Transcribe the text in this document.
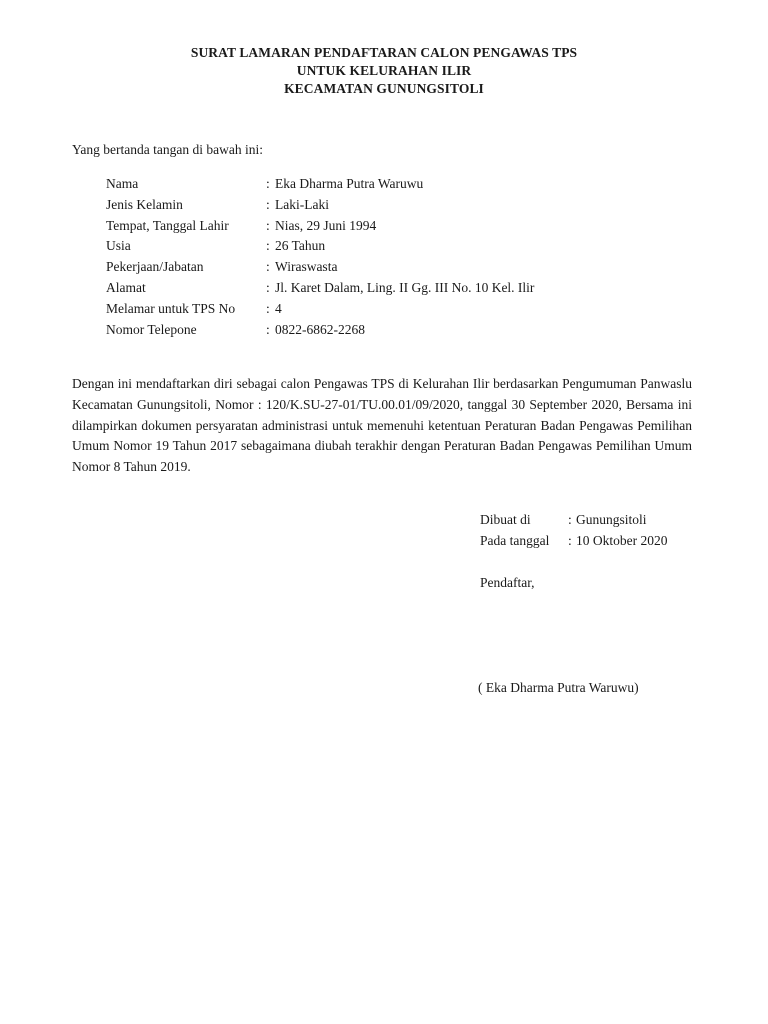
SURAT LAMARAN PENDAFTARAN CALON PENGAWAS TPS
UNTUK KELURAHAN ILIR
KECAMATAN GUNUNGSITOLI
Yang bertanda tangan di bawah ini:
Nama	: Eka Dharma Putra Waruwu
Jenis Kelamin	: Laki-Laki
Tempat, Tanggal Lahir	: Nias, 29 Juni 1994
Usia	: 26 Tahun
Pekerjaan/Jabatan	: Wiraswasta
Alamat	: Jl. Karet Dalam, Ling. II Gg. III No. 10 Kel. Ilir
Melamar untuk TPS No	: 4
Nomor Telepone	: 0822-6862-2268
Dengan ini mendaftarkan diri sebagai calon Pengawas TPS di Kelurahan Ilir berdasarkan Pengumuman Panwaslu Kecamatan Gunungsitoli, Nomor : 120/K.SU-27-01/TU.00.01/09/2020, tanggal 30 September 2020, Bersama ini dilampirkan dokumen persyaratan administrasi untuk memenuhi ketentuan Peraturan Badan Pengawas Pemilihan Umum Nomor 19 Tahun 2017 sebagaimana diubah terakhir dengan Peraturan Badan Pengawas Pemilihan Umum Nomor 8 Tahun 2019.
Dibuat di	: Gunungsitoli
Pada tanggal	: 10 Oktober 2020
Pendaftar,
( Eka Dharma Putra Waruwu)
